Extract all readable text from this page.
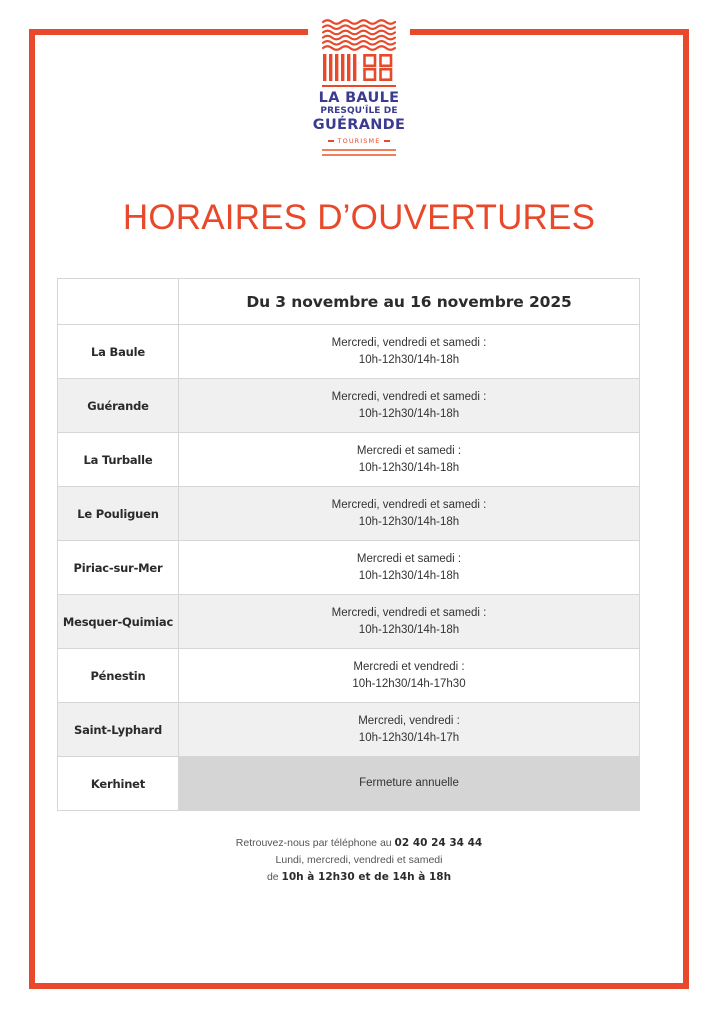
LA BAULE
PRESQU'ÎLE DE
GUÉRANDE
TOURISME
HORAIRES D’OUVERTURES
	Du 3 novembre au 16 novembre 2025
La Baule	Mercredi, vendredi et samedi :
10h-12h30/14h-18h

Guérande	Mercredi, vendredi et samedi :
10h-12h30/14h-18h

La Turballe	Mercredi et samedi :
10h-12h30/14h-18h

Le Pouliguen	Mercredi, vendredi et samedi :
10h-12h30/14h-18h

Piriac-sur-Mer	Mercredi et samedi :
10h-12h30/14h-18h

Mesquer-Quimiac	Mercredi, vendredi et samedi :
10h-12h30/14h-18h

Pénestin	Mercredi et vendredi :
10h-12h30/14h-17h30

Saint-Lyphard	Mercredi, vendredi :
10h-12h30/14h-17h

Kerhinet	Fermeture annuelle
Retrouvez-nous par téléphone au 02 40 24 34 44
Lundi, mercredi, vendredi et samedi
de 10h à 12h30 et de 14h à 18h
